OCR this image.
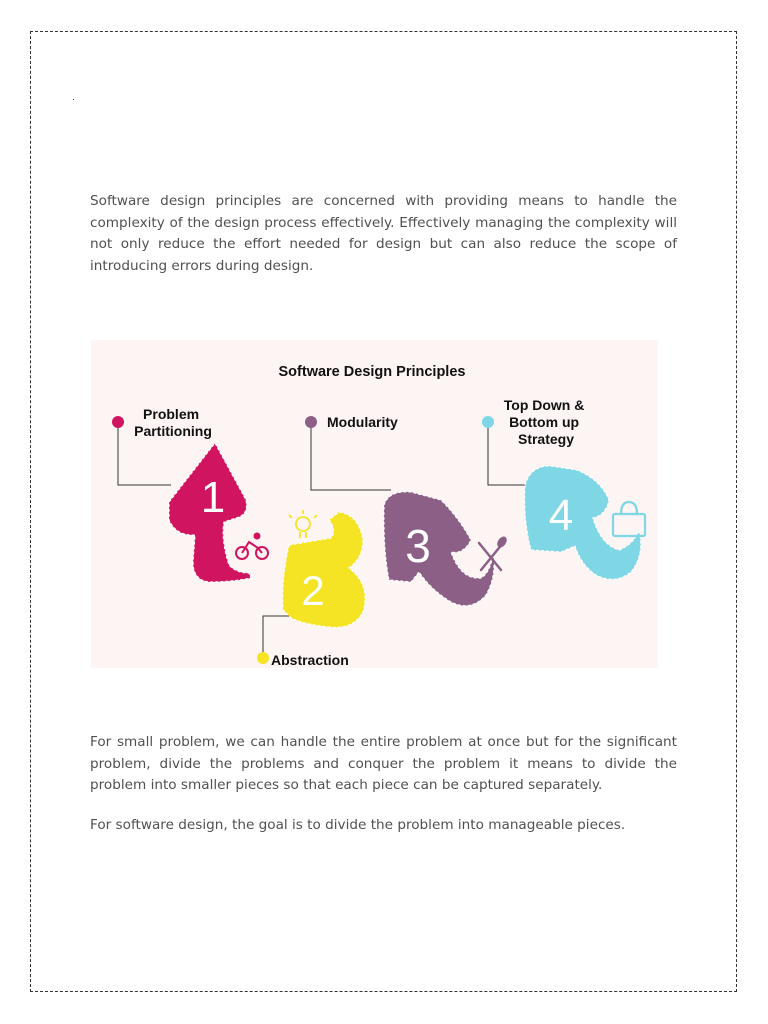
Software design principles are concerned with providing means to handle the complexity of the design process effectively. Effectively managing the complexity will not only reduce the effort needed for design but can also reduce the scope of introducing errors during design.

Software Design Principles
Problem Partitioning
1
Abstraction
2
Modularity
3
Top Down & Bottom up Strategy
4

For small problem, we can handle the entire problem at once but for the significant problem, divide the problems and conquer the problem it means to divide the problem into smaller pieces so that each piece can be captured separately.

For software design, the goal is to divide the problem into manageable pieces.
